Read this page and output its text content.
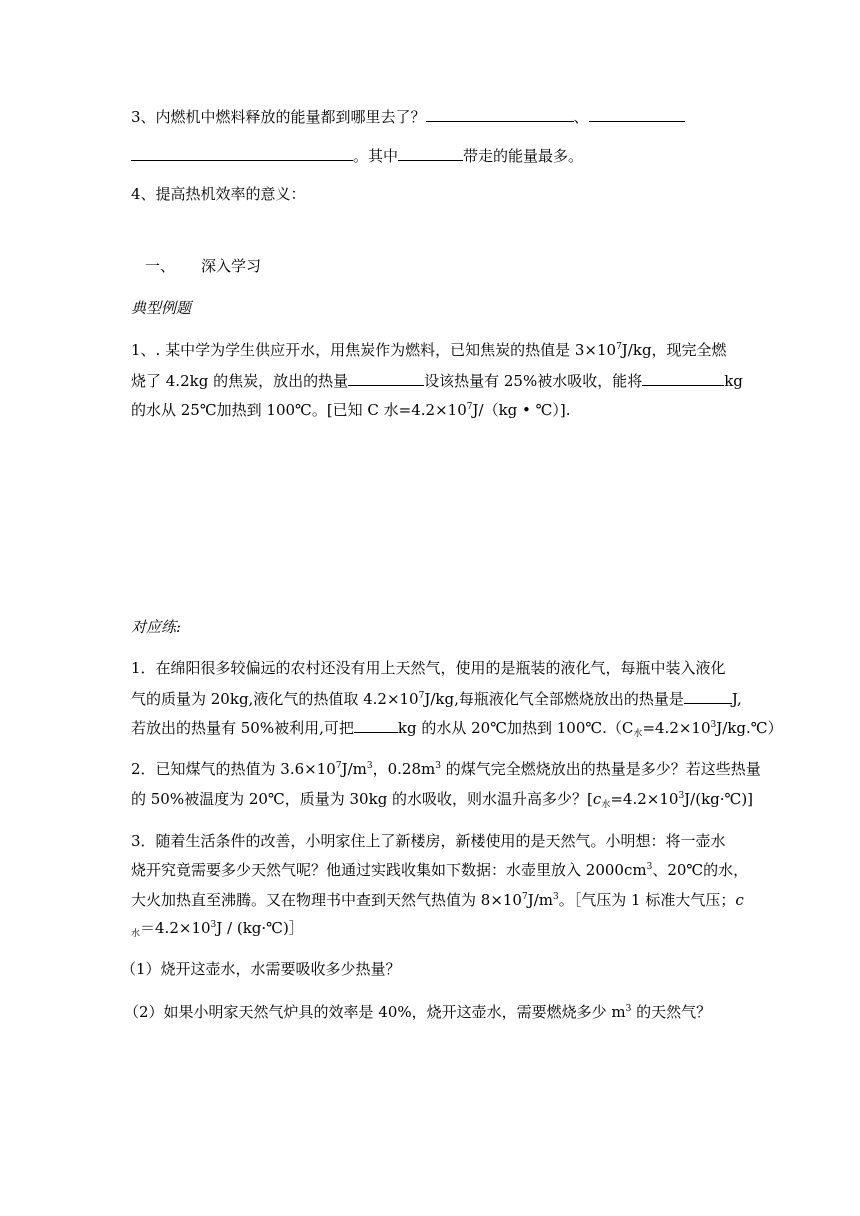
3、内燃机中燃料释放的能量都到哪里去了？	、
。其中	带走的能量最多。
4、提高热机效率的意义：
一、 深入学习
典型例题
1、. 某中学为学生供应开水，用焦炭作为燃料，已知焦炭的热值是 $3\times 10^7J/kg$，现完全燃
烧了 4.2kg 的焦炭，放出的热量	设该热量有 25%被水吸收，能将	kg
的水从 25℃加热到 100℃。[已知 C 水$=4.2\times 10^7J/(kg$ • ℃）].
对应练:
1．在绵阳很多较偏远的农村还没有用上天然气，使用的是瓶装的液化气，每瓶中装入液化
气的质量为 20kg,液化气的热值取 $4.2\times 10^7J/kg$,每瓶液化气全部燃烧放出的热量是	J,
若放出的热量有 50%被利用,可把	kg 的水从 20℃加热到 $100℃.(C_水=4.2\times 10^3J/kg.℃)$
2．已知煤气的热值为 $3.6\times 10^7J/m^3$，$0.28m^3$ 的煤气完全燃烧放出的热量是多少？若这些热量
的 50%被温度为 20℃，质量为 30kg 的水吸收，则水温升高多少？$[c_水=4.2\times 10^3J/(kg\cdot℃)]$
3．随着生活条件的改善，小明家住上了新楼房，新楼使用的是天然气。小明想：将一壶水
烧开究竟需要多少天然气呢？他通过实践收集如下数据：水壶里放入 $2000cm^3$、20℃的水，
大火加热直至沸腾。又在物理书中查到天然气热值为 $8\times 10^7J/m^3$。［气压为 1 标准大气压；c
$_水=4.2\times 10^3J$ / (kg·℃)］
（1）烧开这壶水，水需要吸收多少热量？
（2）如果小明家天然气炉具的效率是 40%，烧开这壶水，需要燃烧多少 $m^3$ 的天然气？
